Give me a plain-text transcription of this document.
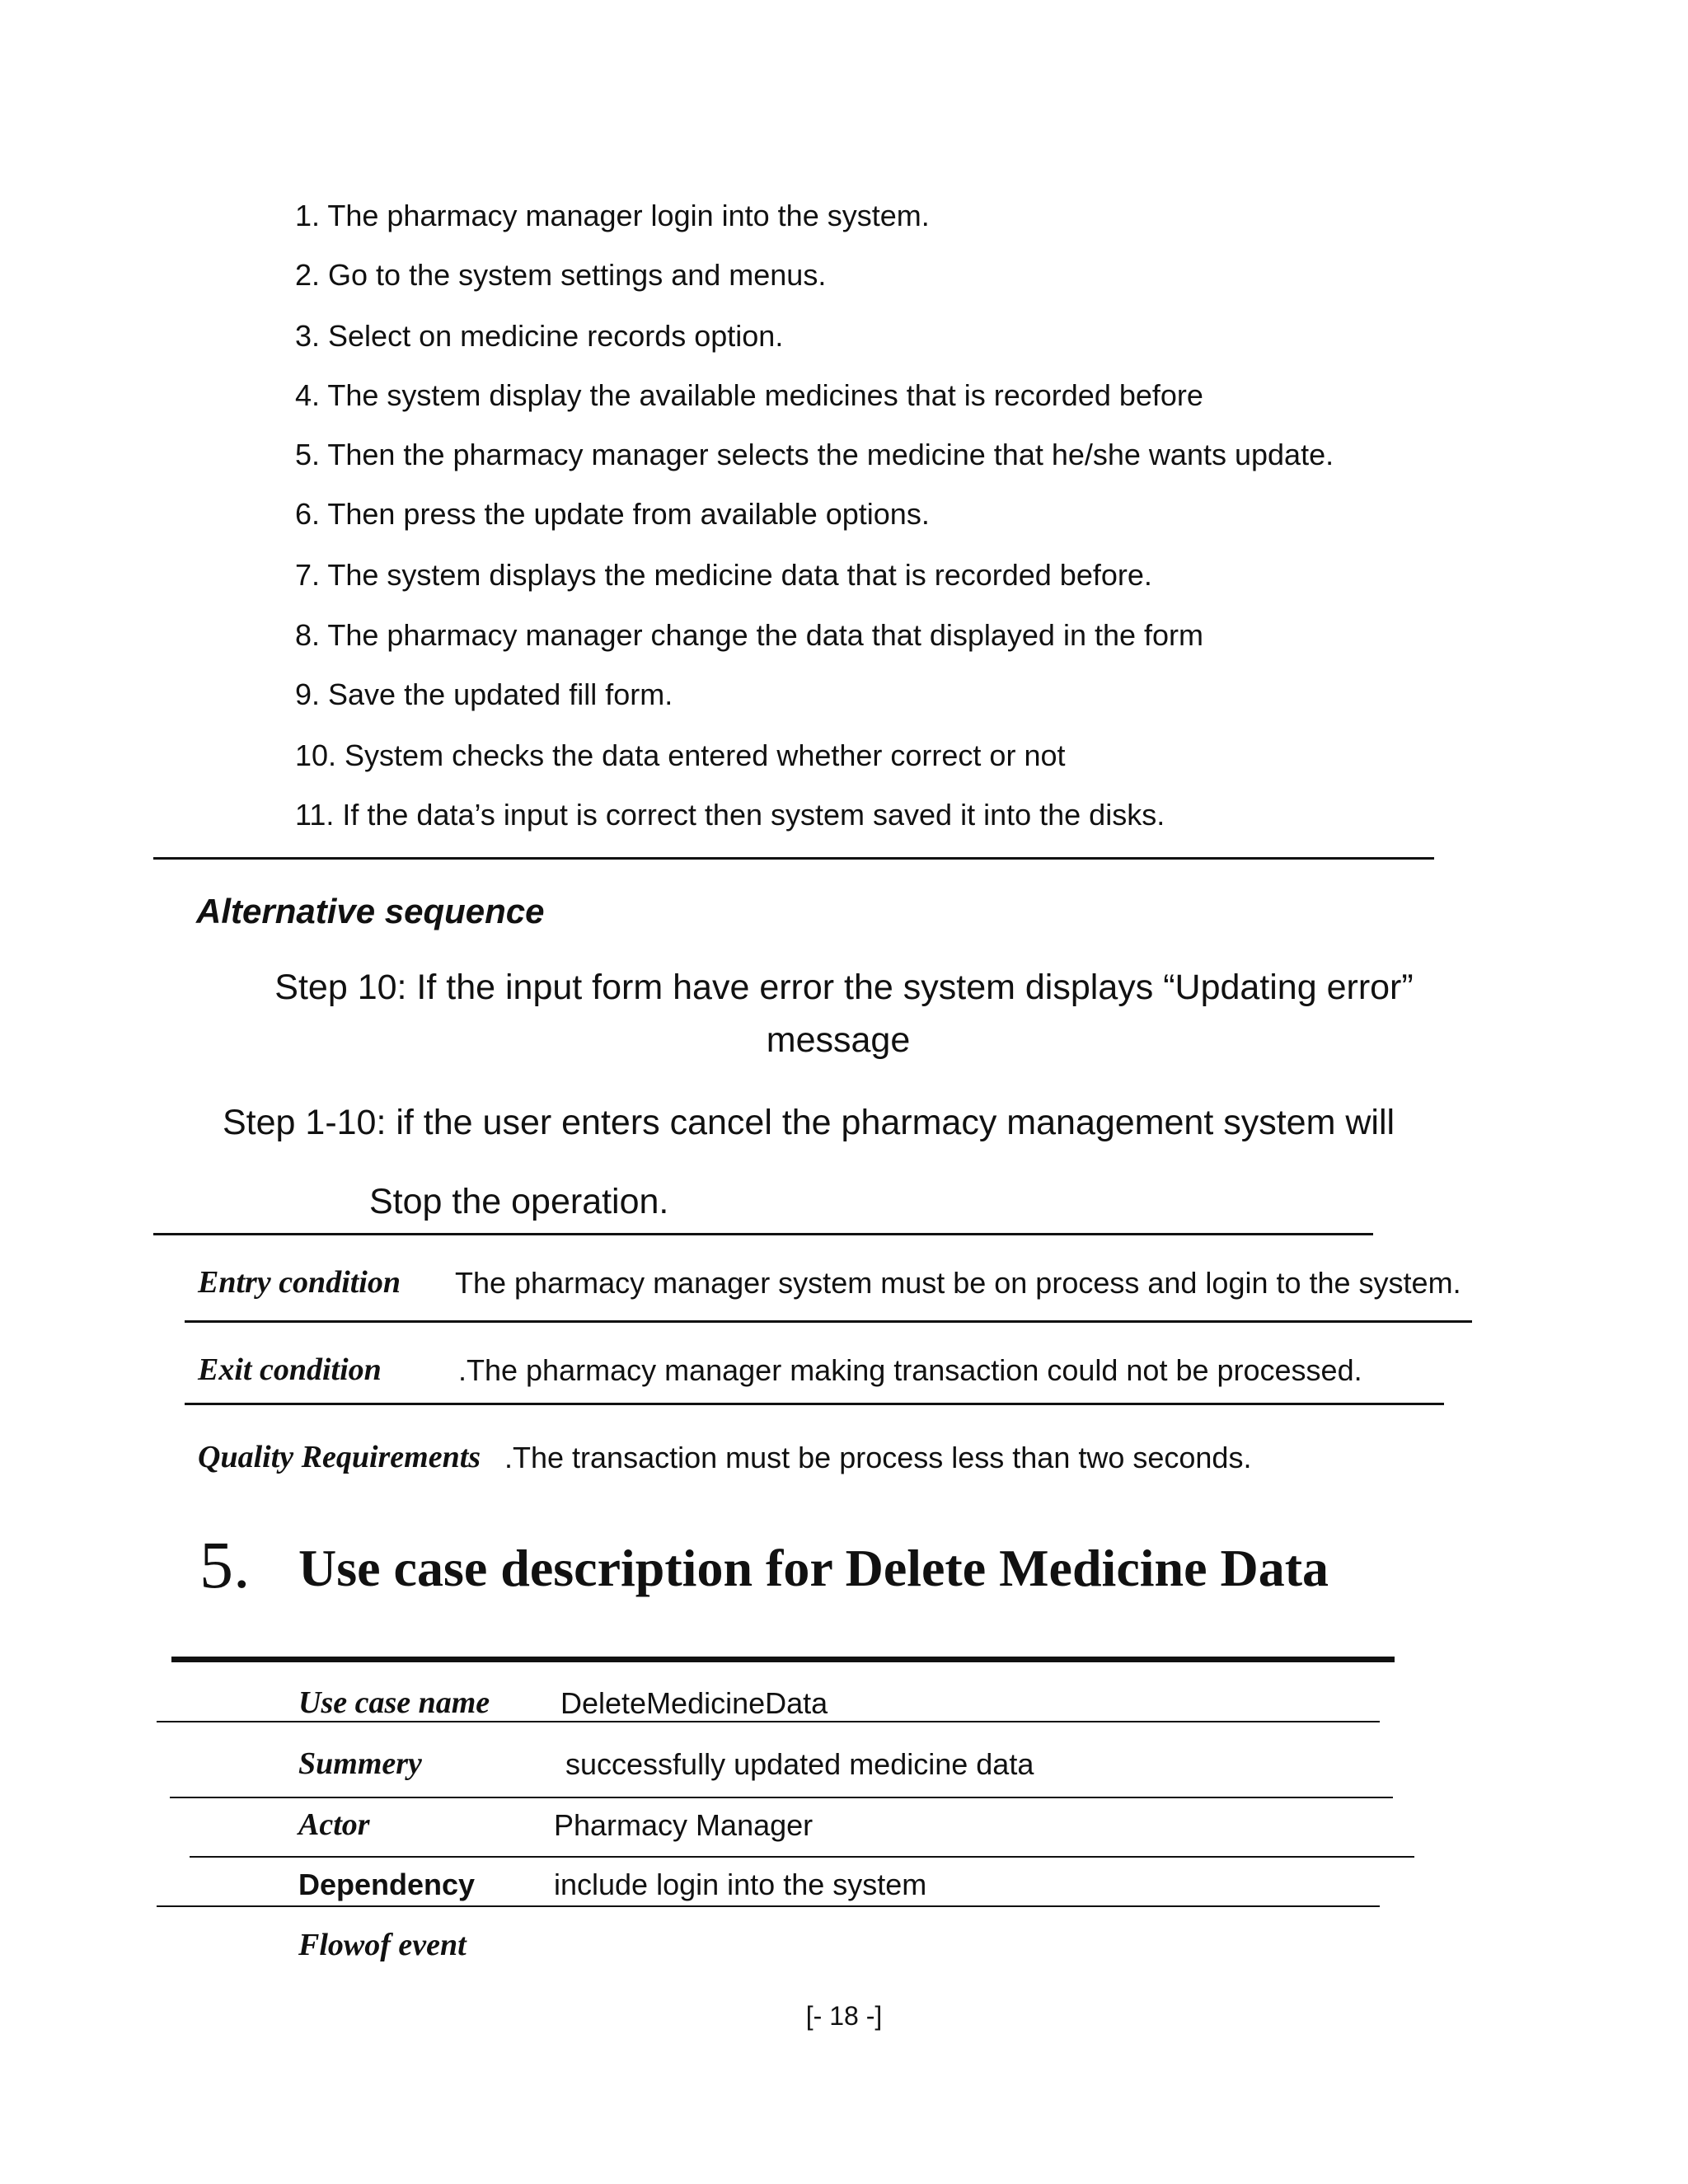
1. The pharmacy manager login into the system.
2. Go to the system settings and menus.
3. Select on medicine records option.
4. The system display the available medicines that is recorded before
5. Then the pharmacy manager selects the medicine that he/she wants update.
6. Then press the update from available options.
7. The system displays the medicine data that is recorded before.
8. The pharmacy manager change the data that displayed in the form
9. Save the updated fill form.
10. System checks the data entered whether correct or not
11. If the data’s input is correct then system saved it into the disks.
Alternative sequence
Step 10: If the input form have error the system displays “Updating error”
message
Step 1-10: if the user enters cancel the pharmacy management system will
Stop the operation.
Entry condition The pharmacy manager system must be on process and login to the system.
Exit condition	.The pharmacy manager making transaction could not be processed.
Quality Requirements .The transaction must be process less than two seconds.
5. Use case description for Delete Medicine Data
Use case name DeleteMedicineData
Summery	successfully updated medicine data
Actor	Pharmacy Manager
Dependency	include login into the system
Flowof event
[- 18 -]
